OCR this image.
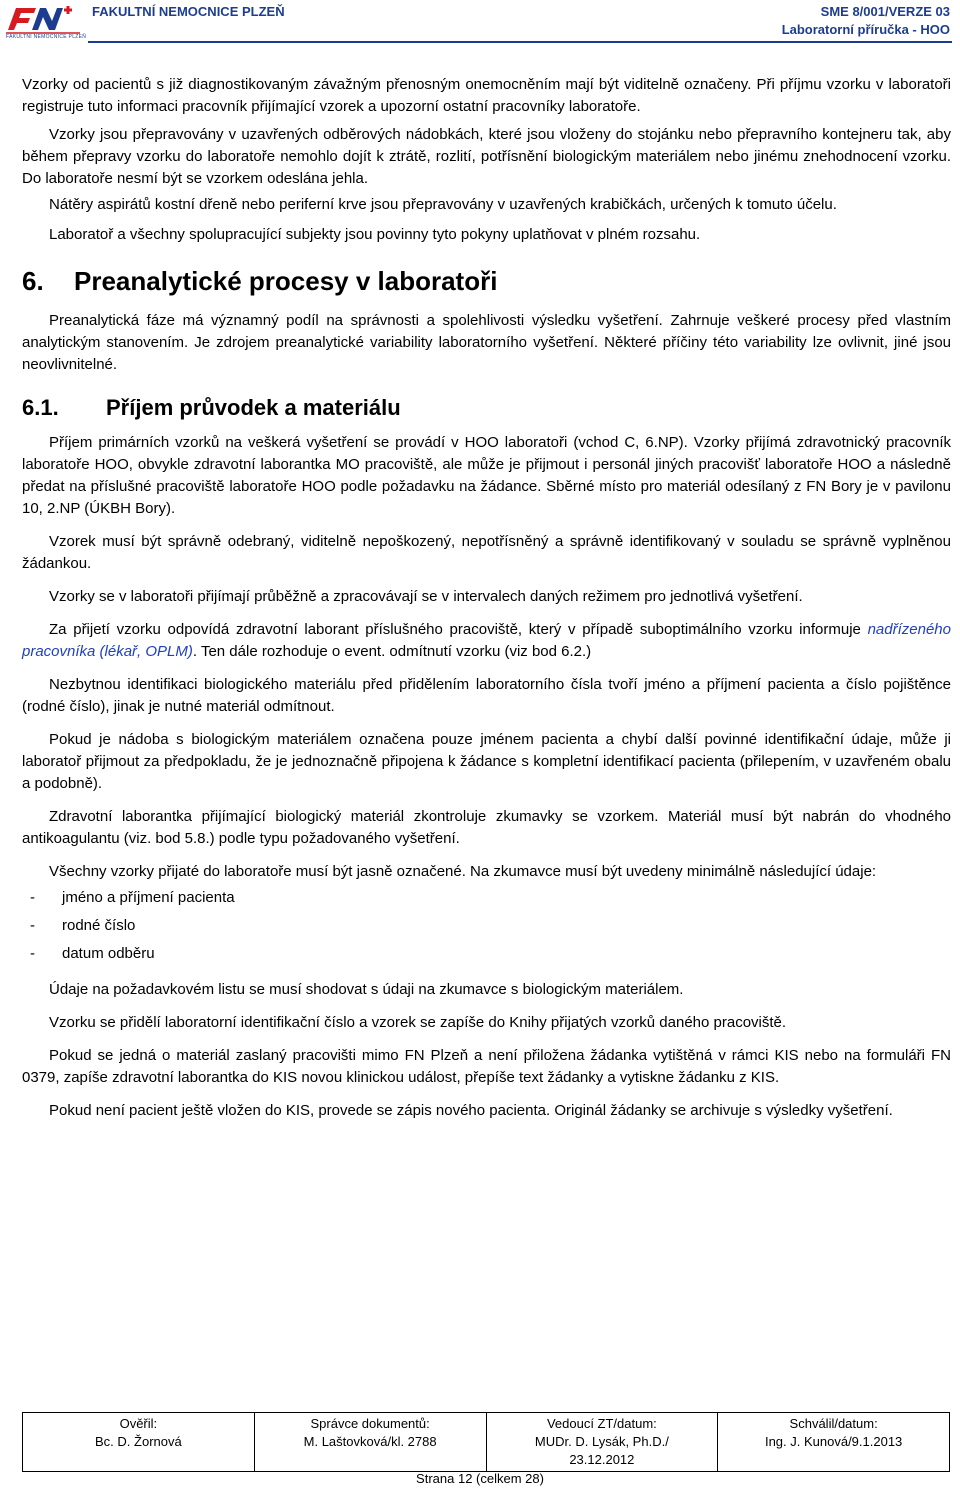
FAKULTNÍ NEMOCNICE PLZEŇ
FAKULTNÍ NEMOCNICE PLZEŇ	SME 8/001/VERZE 03
Laboratorní příručka - HOO

Vzorky od pacientů s již diagnostikovaným závažným přenosným onemocněním mají být viditelně označeny. Při příjmu vzorku v laboratoři registruje tuto informaci pracovník přijímající vzorek a upozorní ostatní pracovníky laboratoře.

Vzorky jsou přepravovány v uzavřených odběrových nádobkách, které jsou vloženy do stojánku nebo přepravního kontejneru tak, aby během přepravy vzorku do laboratoře nemohlo dojít k ztrátě, rozlití, potřísnění biologickým materiálem nebo jinému znehodnocení vzorku. Do laboratoře nesmí být se vzorkem odeslána jehla.

Nátěry aspirátů kostní dřeně nebo periferní krve jsou přepravovány v uzavřených krabičkách, určených k tomuto účelu.

Laboratoř a všechny spolupracující subjekty jsou povinny tyto pokyny uplatňovat v plném rozsahu.

6. Preanalytické procesy v laboratoři

Preanalytická fáze má významný podíl na správnosti a spolehlivosti výsledku vyšetření. Zahrnuje veškeré procesy před vlastním analytickým stanovením. Je zdrojem preanalytické variability laboratorního vyšetření. Některé příčiny této variability lze ovlivnit, jiné jsou neovlivnitelné.

6.1. Příjem průvodek a materiálu

Příjem primárních vzorků na veškerá vyšetření se provádí v HOO laboratoři (vchod C, 6.NP). Vzorky přijímá zdravotnický pracovník laboratoře HOO, obvykle zdravotní laborantka MO pracoviště, ale může je přijmout i personál jiných pracovišť laboratoře HOO a následně předat na příslušné pracoviště laboratoře HOO podle požadavku na žádance. Sběrné místo pro materiál odesílaný z FN Bory je v pavilonu 10, 2.NP (ÚKBH Bory).

Vzorek musí být správně odebraný, viditelně nepoškozený, nepotřísněný a správně identifikovaný v souladu se správně vyplněnou žádankou.

Vzorky se v laboratoři přijímají průběžně a zpracovávají se v intervalech daných režimem pro jednotlivá vyšetření.

Za přijetí vzorku odpovídá zdravotní laborant příslušného pracoviště, který v případě suboptimálního vzorku informuje nadřízeného pracovníka (lékař, OPLM). Ten dále rozhoduje o event. odmítnutí vzorku (viz bod 6.2.)

Nezbytnou identifikaci biologického materiálu před přidělením laboratorního čísla tvoří jméno a příjmení pacienta a číslo pojištěnce (rodné číslo), jinak je nutné materiál odmítnout.

Pokud je nádoba s biologickým materiálem označena pouze jménem pacienta a chybí další povinné identifikační údaje, může ji laboratoř přijmout za předpokladu, že je jednoznačně připojena k žádance s kompletní identifikací pacienta (přilepením, v uzavřeném obalu a podobně).

Zdravotní laborantka přijímající biologický materiál zkontroluje zkumavky se vzorkem. Materiál musí být nabrán do vhodného antikoagulantu (viz. bod 5.8.) podle typu požadovaného vyšetření.

Všechny vzorky přijaté do laboratoře musí být jasně označené. Na zkumavce musí být uvedeny minimálně následující údaje:

- jméno a příjmení pacienta
- rodné číslo
- datum odběru

Údaje na požadavkovém listu se musí shodovat s údaji na zkumavce s biologickým materiálem.

Vzorku se přidělí laboratorní identifikační číslo a vzorek se zapíše do Knihy přijatých vzorků daného pracoviště.

Pokud se jedná o materiál zaslaný pracovišti mimo FN Plzeň a není přiložena žádanka vytištěná v rámci KIS nebo na formuláři FN 0379, zapíše zdravotní laborantka do KIS novou klinickou událost, přepíše text žádanky a vytiskne žádanku z KIS.

Pokud není pacient ještě vložen do KIS, provede se zápis nového pacienta. Originál žádanky se archivuje s výsledky vyšetření.

Ověřil:
Bc. D. Žornová

Správce dokumentů:
M. Laštovková/kl. 2788

Vedoucí ZT/datum:
MUDr. D. Lysák, Ph.D./
23.12.2012

Schválil/datum:
Ing. J. Kunová/9.1.2013
Strana 12 (celkem 28)
